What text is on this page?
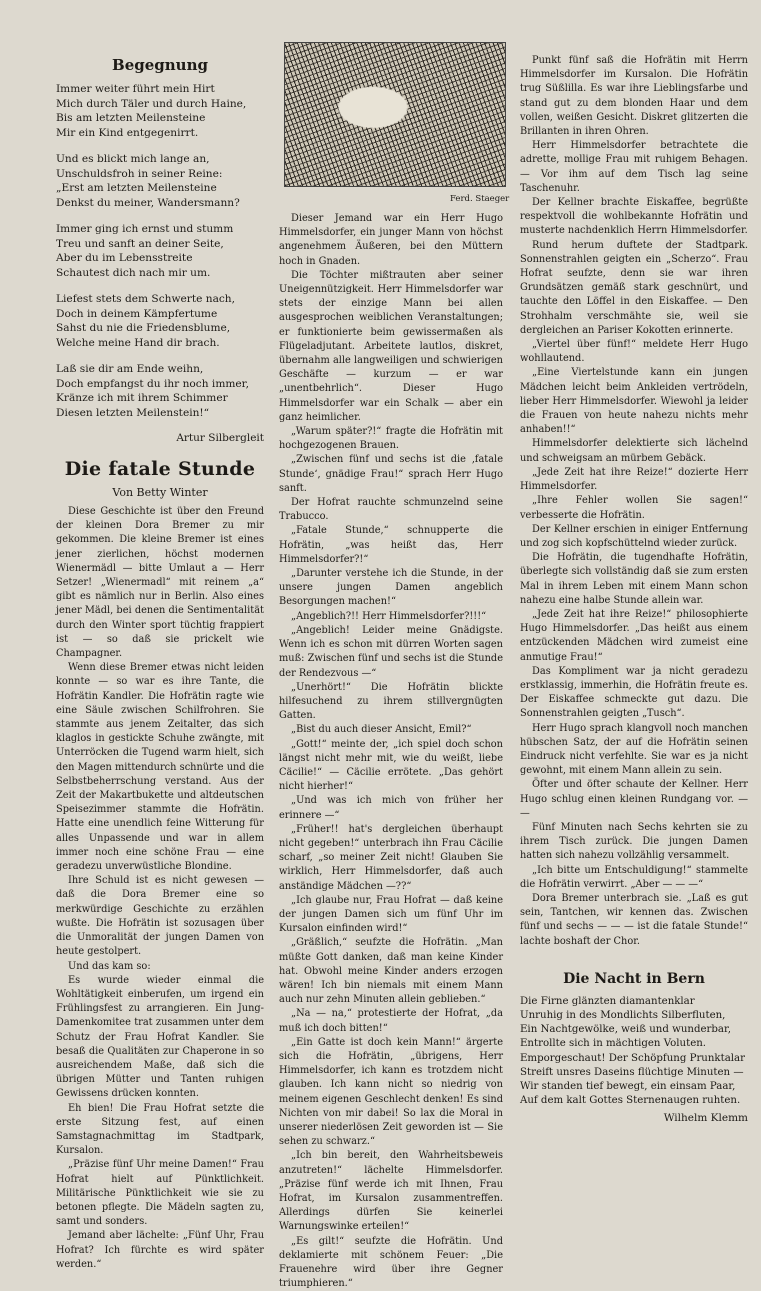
Begegnung
Immer weiter führt mein Hirt
Mich durch Täler und durch Haine,
Bis am letzten Meilensteine
Mir ein Kind entgegenirrt.
Und es blickt mich lange an,
Unschuldsfroh in seiner Reine:
„Erst am letzten Meilensteine
Denkst du meiner, Wandersmann?
Immer ging ich ernst und stumm
Treu und sanft an deiner Seite,
Aber du im Lebensstreite
Schautest dich nach mir um.
Liefest stets dem Schwerte nach,
Doch in deinem Kämpfertume
Sahst du nie die Friedensblume,
Welche meine Hand dir brach.
Laß sie dir am Ende weihn,
Doch empfangst du ihr noch immer,
Kränze ich mit ihrem Schimmer
Diesen letzten Meilenstein!“
Artur Silbergleit
Die fatale Stunde
Von Betty Winter

Diese Geschichte ist über den Freund der kleinen Dora Bremer zu mir gekommen. Die kleine Bremer ist eines jener zierlichen, höchst modernen Wienermädl — bitte Umlaut a — Herr Setzer! „Wienermadl“ mit reinem „a“ gibt es nämlich nur in Berlin. Also eines jener Mädl, bei denen die Sentimentalität durch den Winter sport tüchtig frappiert ist — so daß sie prickelt wie Champagner.

Wenn diese Bremer etwas nicht leiden konnte — so war es ihre Tante, die Hofrätin Kandler. Die Hofrätin ragte wie eine Säule zwischen Schilfrohren. Sie stammte aus jenem Zeitalter, das sich klaglos in gestickte Schuhe zwängte, mit Unterröcken die Tugend warm hielt, sich den Magen mittendurch schnürte und die Selbstbeherrschung verstand. Aus der Zeit der Makartbukette und altdeutschen Speisezimmer stammte die Hofrätin. Hatte eine unendlich feine Witterung für alles Unpassende und war in allem immer noch eine schöne Frau — eine geradezu unverwüstliche Blondine.

Ihre Schuld ist es nicht gewesen — daß die Dora Bremer eine so merkwürdige Geschichte zu erzählen wußte. Die Hofrätin ist sozusagen über die Unmoralität der jungen Damen von heute gestolpert.

Und das kam so:

Es wurde wieder einmal die Wohltätigkeit einberufen, um irgend ein Frühlingsfest zu arrangieren. Ein Jung-Damenkomitee trat zusammen unter dem Schutz der Frau Hofrat Kandler. Sie besaß die Qualitäten zur Chaperone in so ausreichendem Maße, daß sich die übrigen Mütter und Tanten ruhigen Gewissens drücken konnten.

Eh bien! Die Frau Hofrat setzte die erste Sitzung fest, auf einen Samstagnachmittag im Stadtpark, Kursalon.

„Präzise fünf Uhr meine Damen!“ Frau Hofrat hielt auf Pünktlichkeit. Militärische Pünktlichkeit wie sie zu betonen pflegte. Die Mädeln sagten zu, samt und sonders.

Jemand aber lächelte: „Fünf Uhr, Frau Hofrat? Ich fürchte es wird später werden.“

Ferd. Staeger

Dieser Jemand war ein Herr Hugo Himmelsdorfer, ein junger Mann von höchst angenehmem Äußeren, bei den Müttern hoch in Gnaden.

Die Töchter mißtrauten aber seiner Uneigennützigkeit. Herr Himmelsdorfer war stets der einzige Mann bei allen ausgesprochen weiblichen Veranstaltungen; er funktionierte beim gewissermaßen als Flügeladjutant. Arbeitete lautlos, diskret, übernahm alle langweiligen und schwierigen Geschäfte — kurzum — er war „unentbehrlich“. Dieser Hugo Himmelsdorfer war ein Schalk — aber ein ganz heimlicher.

„Warum später?!“ fragte die Hofrätin mit hochgezogenen Brauen.

„Zwischen fünf und sechs ist die ‚fatale Stunde‘, gnädige Frau!“ sprach Herr Hugo sanft.

Der Hofrat rauchte schmunzelnd seine Trabucco.

„Fatale Stunde,“ schnupperte die Hofrätin, „was heißt das, Herr Himmelsdorfer?!“

„Darunter verstehe ich die Stunde, in der unsere jungen Damen angeblich Besorgungen machen!“

„Angeblich?!! Herr Himmelsdorfer?!!!“

„Angeblich! Leider meine Gnädigste. Wenn ich es schon mit dürren Worten sagen muß: Zwischen fünf und sechs ist die Stunde der Rendezvous —“

„Unerhört!“ Die Hofrätin blickte hilfesuchend zu ihrem stillvergnügten Gatten.

„Bist du auch dieser Ansicht, Emil?“

„Gott!“ meinte der, „ich spiel doch schon längst nicht mehr mit, wie du weißt, liebe Cäcilie!“ — Cäcilie errötete. „Das gehört nicht hierher!“

„Und was ich mich von früher her erinnere —“

„Früher!! hat's dergleichen überhaupt nicht gegeben!“ unterbrach ihn Frau Cäcilie scharf, „so meiner Zeit nicht! Glauben Sie wirklich, Herr Himmelsdorfer, daß auch anständige Mädchen —??“

„Ich glaube nur, Frau Hofrat — daß keine der jungen Damen sich um fünf Uhr im Kursalon einfinden wird!“

„Gräßlich,“ seufzte die Hofrätin. „Man müßte Gott danken, daß man keine Kinder hat. Obwohl meine Kinder anders erzogen wären! Ich bin niemals mit einem Mann auch nur zehn Minuten allein geblieben.“

„Na — na,“ protestierte der Hofrat, „da muß ich doch bitten!“

„Ein Gatte ist doch kein Mann!“ ärgerte sich die Hofrätin, „übrigens, Herr Himmelsdorfer, ich kann es trotzdem nicht glauben. Ich kann nicht so niedrig von meinem eigenen Geschlecht denken! Es sind Nichten von mir dabei! So lax die Moral in unserer niederlösen Zeit geworden ist — Sie sehen zu schwarz.“

„Ich bin bereit, den Wahrheitsbeweis anzutreten!“ lächelte Himmelsdorfer. „Präzise fünf werde ich mit Ihnen, Frau Hofrat, im Kursalon zusammentreffen. Allerdings dürfen Sie keinerlei Warnungswinke erteilen!“

„Es gilt!“ seufzte die Hofrätin. Und deklamierte mit schönem Feuer: „Die Frauenehre wird über ihre Gegner triumphieren.“

Punkt fünf saß die Hofrätin mit Herrn Himmelsdorfer im Kursalon. Die Hofrätin trug Süßlilla. Es war ihre Lieblingsfarbe und stand gut zu dem blonden Haar und dem vollen, weißen Gesicht. Diskret glitzerten die Brillanten in ihren Ohren.

Herr Himmelsdorfer betrachtete die adrette, mollige Frau mit ruhigem Behagen. — Vor ihm auf dem Tisch lag seine Taschenuhr.

Der Kellner brachte Eiskaffee, begrüßte respektvoll die wohlbekannte Hofrätin und musterte nachdenklich Herrn Himmelsdorfer.

Rund herum duftete der Stadtpark. Sonnenstrahlen geigten ein „Scherzo“. Frau Hofrat seufzte, denn sie war ihren Grundsätzen gemäß stark geschnürt, und tauchte den Löffel in den Eiskaffee. — Den Strohhalm verschmähte sie, weil sie dergleichen an Pariser Kokotten erinnerte.

„Viertel über fünf!“ meldete Herr Hugo wohllautend.

„Eine Viertelstunde kann ein jungen Mädchen leicht beim Ankleiden vertrödeln, lieber Herr Himmelsdorfer. Wiewohl ja leider die Frauen von heute nahezu nichts mehr anhaben!!“

Himmelsdorfer delektierte sich lächelnd und schweigsam an mürbem Gebäck.

„Jede Zeit hat ihre Reize!“ dozierte Herr Himmelsdorfer.

„Ihre Fehler wollen Sie sagen!“ verbesserte die Hofrätin.

Der Kellner erschien in einiger Entfernung und zog sich kopfschüttelnd wieder zurück.

Die Hofrätin, die tugendhafte Hofrätin, überlegte sich vollständig daß sie zum ersten Mal in ihrem Leben mit einem Mann schon nahezu eine halbe Stunde allein war.

„Jede Zeit hat ihre Reize!“ philosophierte Hugo Himmelsdorfer. „Das heißt aus einem entzückenden Mädchen wird zumeist eine anmutige Frau!“

Das Kompliment war ja nicht geradezu erstklassig, immerhin, die Hofrätin freute es. Der Eiskaffee schmeckte gut dazu. Die Sonnenstrahlen geigten „Tusch“.

Herr Hugo sprach klangvoll noch manchen hübschen Satz, der auf die Hofrätin seinen Eindruck nicht verfehlte. Sie war es ja nicht gewohnt, mit einem Mann allein zu sein.

Öfter und öfter schaute der Kellner. Herr Hugo schlug einen kleinen Rundgang vor. — —

Fünf Minuten nach Sechs kehrten sie zu ihrem Tisch zurück. Die jungen Damen hatten sich nahezu vollzählig versammelt.

„Ich bitte um Entschuldigung!“ stammelte die Hofrätin verwirrt. „Aber — — —“

Dora Bremer unterbrach sie. „Laß es gut sein, Tantchen, wir kennen das. Zwischen fünf und sechs — — — ist die fatale Stunde!“ lachte boshaft der Chor.

Die Nacht in Bern
Die Firne glänzten diamantenklar
Unruhig in des Mondlichts Silberfluten,
Ein Nachtgewölke, weiß und wunderbar,
Entrollte sich in mächtigen Voluten.
Emporgeschaut! Der Schöpfung Prunktalar
Streift unsres Daseins flüchtige Minuten —
Wir standen tief bewegt, ein einsam Paar,
Auf dem kalt Gottes Sternenaugen ruhten.
Wilhelm Klemm
